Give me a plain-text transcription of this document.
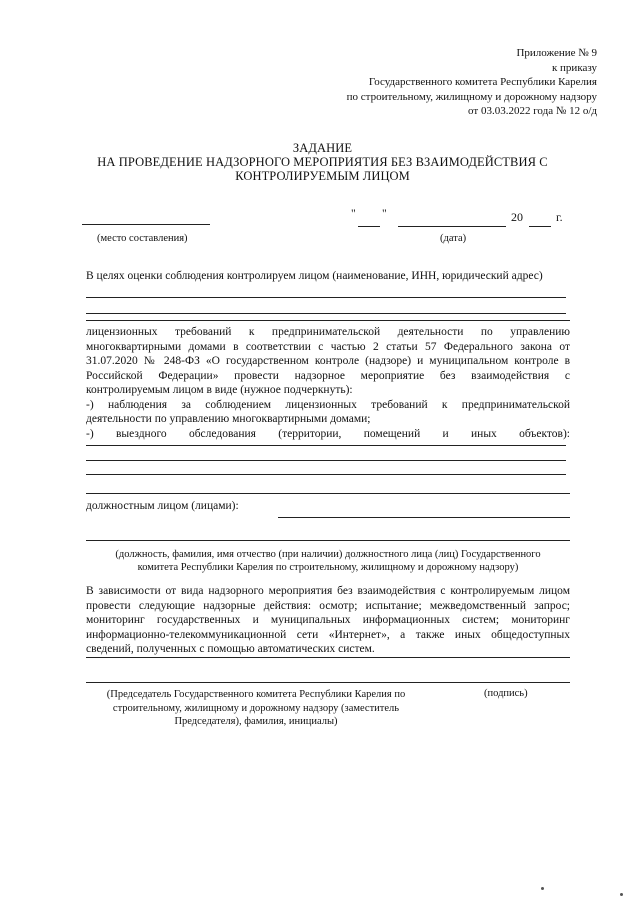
Приложение № 9
к приказу
Государственного комитета Республики Карелия
по строительному, жилищному и дорожному надзору
от 03.03.2022 года № 12 о/д
ЗАДАНИЕ
НА ПРОВЕДЕНИЕ НАДЗОРНОГО МЕРОПРИЯТИЯ БЕЗ ВЗАИМОДЕЙСТВИЯ С
КОНТРОЛИРУЕМЫМ ЛИЦОМ
" "	20	г.
(место составления)	(дата)
В целях оценки соблюдения контролируем лицом (наименование, ИНН, юридический адрес)
лицензионных требований к предпринимательской деятельности по управлению
многоквартирными домами в соответствии с частью 2 статьи 57 Федерального закона от
31.07.2020 № 248-ФЗ «О государственном контроле (надзоре) и муниципальном контроле в
Российской Федерации» провести надзорное мероприятие без взаимодействия с
контролируемым лицом в виде (нужное подчеркнуть):
-) наблюдения за соблюдением лицензионных требований к предпринимательской
деятельности по управлению многоквартирными домами;
-) выездного обследования (территории, помещений и иных объектов):
должностным лицом (лицами):
(должность, фамилия, имя отчество (при наличии) должностного лица (лиц) Государственного
комитета Республики Карелия по строительному, жилищному и дорожному надзору)
В зависимости от вида надзорного мероприятия без взаимодействия с контролируемым лицом
провести следующие надзорные действия: осмотр; испытание; межведомственный запрос;
мониторинг государственных и муниципальных информационных систем; мониторинг
информационно-телекоммуникационной сети «Интернет», а также иных общедоступных
сведений, полученных с помощью автоматических систем.
(Председатель Государственного комитета Республики Карелия по
строительному, жилищному и дорожному надзору (заместитель
Председателя), фамилия, инициалы)
(подпись)
